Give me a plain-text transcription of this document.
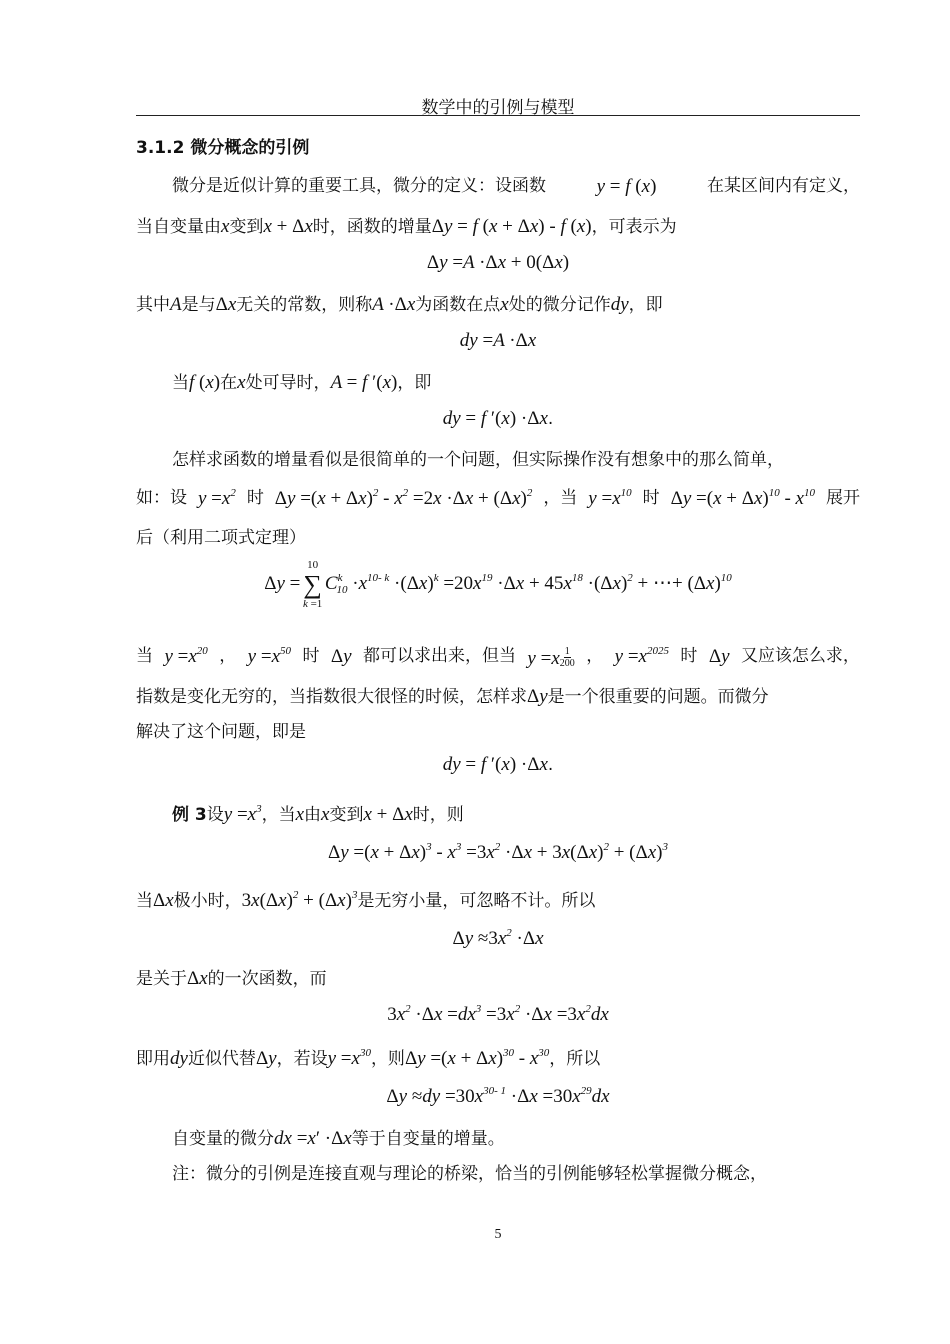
数学中的引例与模型
3.1.2 微分概念的引例
微分是近似计算的重要工具，微分的定义：设函数	y = f (x)	在某区间内有定义，
当自变量由x变到x + Δx时，函数的增量Δy = f (x + Δx) - f (x)，可表示为
Δy =A ·Δx + 0(Δx)
其中A是与Δx无关的常数，则称A ·Δx为函数在点x处的微分记作dy，即
dy =A ·Δx
当f (x)在x处可导时，A = f ′(x)，即
dy = f ′(x) ·Δx.
怎样求函数的增量看似是很简单的一个问题，但实际操作没有想象中的那么简单，
如：设 $y =x^2$ 时 $\Delta y =(x + \Delta x)^2 - x^2 =2x \cdot\Delta x + (\Delta x)^2$ ，当 $y =x^{10}$ 时 $\Delta y =(x + \Delta x)^{10} - x^{10}$ 展开
后（利用二项式定理）
Δy =
10
∑
k =1
$C^k_{10} \cdot x^{10- k} \cdot(\Delta x)^k =20x^{19} \cdot\Delta x + 45x^{18} \cdot(\Delta x)^2$ + ⋯+ $(\Delta x)^{10}$
当 $y =x^{20}$ ， $y =x^{50}$ 时 Δy 都可以求出来，但当 $y =x \frac{1}{200}$ ， $y =x^{2025}$ 时 Δy 又应该怎么求，
指数是变化无穷的，当指数很大很怪的时候，怎样求Δy是一个很重要的问题。而微分
解决了这个问题，即是
dy = f ′(x) ·Δx.
例 3设$y =x^3$，当x由x变到x + Δx时，则
$\Delta y =(x + \Delta x)^3 - x^3 =3x^2 \cdot\Delta x + 3x(\Delta x)^2 + (\Delta x)^3$
当Δx极小时，$3x(\Delta x)^2 + (\Delta x)^3$是无穷小量，可忽略不计。所以
$\Delta y \approx 3x^2 \cdot\Delta x$
是关于Δx的一次函数，而
$3x^2 \cdot\Delta x =dx^3 =3x^2 \cdot\Delta x =3x^2dx$
即用dy近似代替Δy，若设$y =x^{30}$，则$\Delta y =(x + \Delta x)^{30} - x^{30}$，所以
$\Delta y \approx dy =30x^{30- 1} \cdot\Delta x =30x^{29}dx$
自变量的微分dx =x′ ·Δx等于自变量的增量。
注：微分的引例是连接直观与理论的桥梁，恰当的引例能够轻松掌握微分概念，
5
